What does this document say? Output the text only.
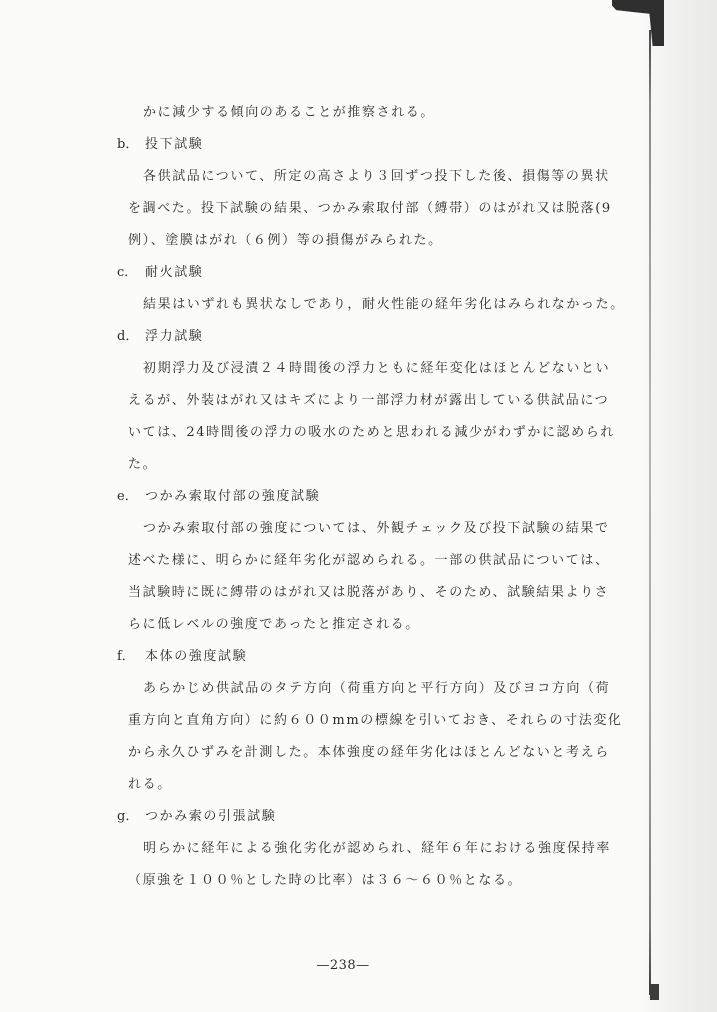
かに減少する傾向のあることが推察される。
b． 投下試験
各供試品について、所定の高さより３回ずつ投下した後、損傷等の異状
を調べた。投下試験の結果、つかみ索取付部（縛帯）のはがれ又は脱落(9
例）、塗膜はがれ（６例）等の損傷がみられた。
c． 耐火試験
結果はいずれも異状なしであり，耐火性能の経年劣化はみられなかった。
d． 浮力試験
初期浮力及び浸漬２４時間後の浮力ともに経年変化はほとんどないとい
えるが、外装はがれ又はキズにより一部浮力材が露出している供試品につ
いては、24時間後の浮力の吸水のためと思われる減少がわずかに認められ
た。
e． つかみ索取付部の強度試験
つかみ索取付部の強度については、外観チェック及び投下試験の結果で
述べた様に、明らかに経年劣化が認められる。一部の供試品については、
当試験時に既に縛帯のはがれ又は脱落があり、そのため、試験結果よりさ
らに低レベルの強度であったと推定される。
f． 本体の強度試験
あらかじめ供試品のタテ方向（荷重方向と平行方向）及びヨコ方向（荷
重方向と直角方向）に約６００mmの標線を引いておき、それらの寸法変化
から永久ひずみを計測した。本体強度の経年劣化はほとんどないと考えら
れる。
g． つかみ索の引張試験
明らかに経年による強化劣化が認められ、経年６年における強度保持率
（原強を１００％とした時の比率）は３６～６０％となる。
—238—
